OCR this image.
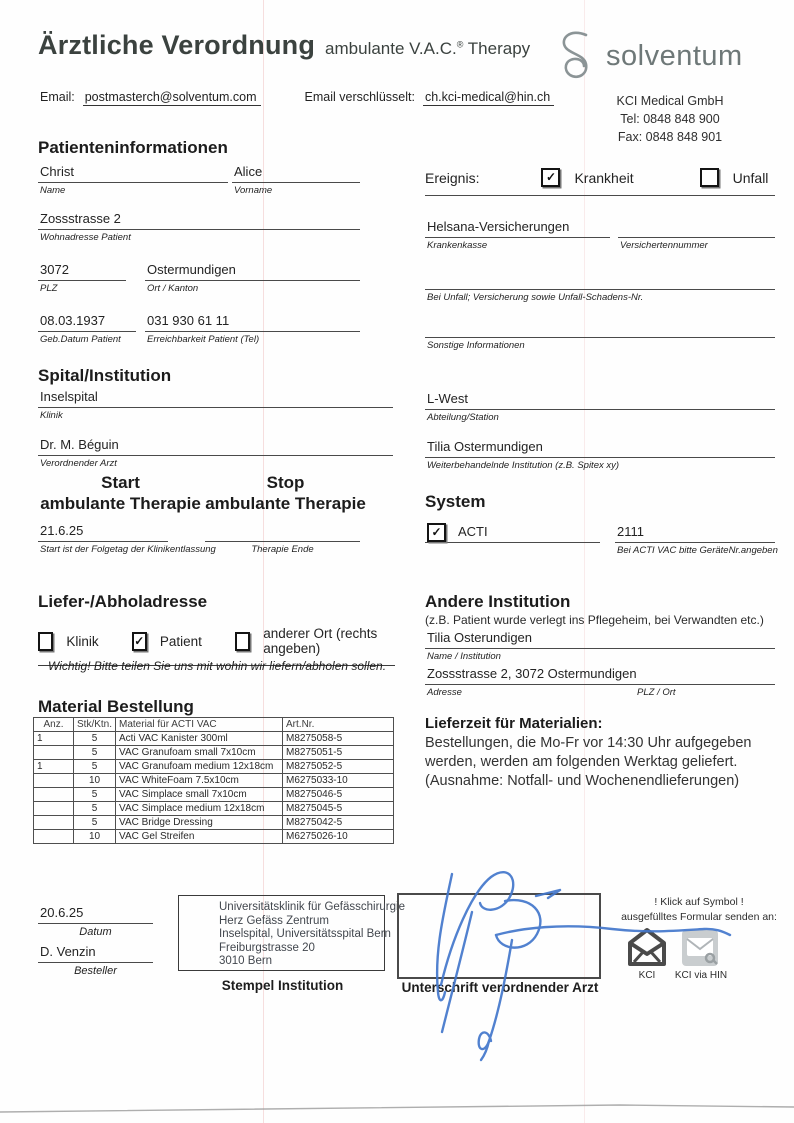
Ärztliche Verordnung ambulante V.A.C.® Therapy
Email: postmasterch@solventum.com	Email verschlüsselt: ch.kci-medical@hin.ch
solventum
KCI Medical GmbH
Tel: 0848 848 900
Fax: 0848 848 901
Patienteninformationen
Christ
Name
Alice
Vorname
Zossstrasse 2
Wohnadresse Patient
3072
PLZ
Ostermundigen
Ort / Kanton
08.03.1937
Geb.Datum Patient
031 930 61 11
Erreichbarkeit Patient (Tel)
Ereignis:	✓	Krankheit	Unfall
Helsana-Versicherungen
Krankenkasse	Versichertennummer
Bei Unfall; Versicherung sowie Unfall-Schadens-Nr.
Sonstige Informationen
Spital/Institution
Inselspital
Klinik
Dr. M. Béguin
Verordnender Arzt
Start
ambulante Therapie
Stop
ambulante Therapie
21.6.25
Start ist der Folgetag der Klinikentlassung	Therapie Ende
L-West
Abteilung/Station
Tilia Ostermundigen
Weiterbehandelnde Institution (z.B. Spitex xy)
System
✓ ACTI	2111
Bei ACTI VAC bitte GeräteNr.angeben
Liefer-/Abholadresse
Klinik	✓ Patient	anderer Ort (rechts angeben)
Wichtig! Bitte teilen Sie uns mit wohin wir liefern/abholen sollen.
Andere Institution
(z.B. Patient wurde verlegt ins Pflegeheim, bei Verwandten etc.)
Tilia Osterundigen
Name / Institution
Zossstrasse 2, 3072 Ostermundigen
Adresse	PLZ / Ort
Material Bestellung
Anz.	Stk/Ktn.	Material für ACTI VAC	Art.Nr.
1	5	Acti VAC Kanister 300ml	M8275058-5
	5	VAC Granufoam small 7x10cm	M8275051-5
1	5	VAC Granufoam medium 12x18cm	M8275052-5
	10	VAC WhiteFoam 7.5x10cm	M6275033-10
	5	VAC Simplace small 7x10cm	M8275046-5
	5	VAC Simplace medium 12x18cm	M8275045-5
	5	VAC Bridge Dressing	M8275042-5
	10	VAC Gel Streifen	M6275026-10
Lieferzeit für Materialien:
Bestellungen, die Mo-Fr vor 14:30 Uhr aufgegeben werden, werden am folgenden Werktag geliefert. (Ausnahme: Notfall- und Wochenendlieferungen)
20.6.25
Datum
D. Venzin
Besteller
Universitätsklinik für Gefässchirurgie
Herz Gefäss Zentrum
Inselspital, Universitätsspital Bern
Freiburgstrasse 20
3010 Bern
Stempel Institution	Unterschrift verordnender Arzt
! Klick auf Symbol !
ausgefülltes Formular senden an:
KCI	KCI via HIN
